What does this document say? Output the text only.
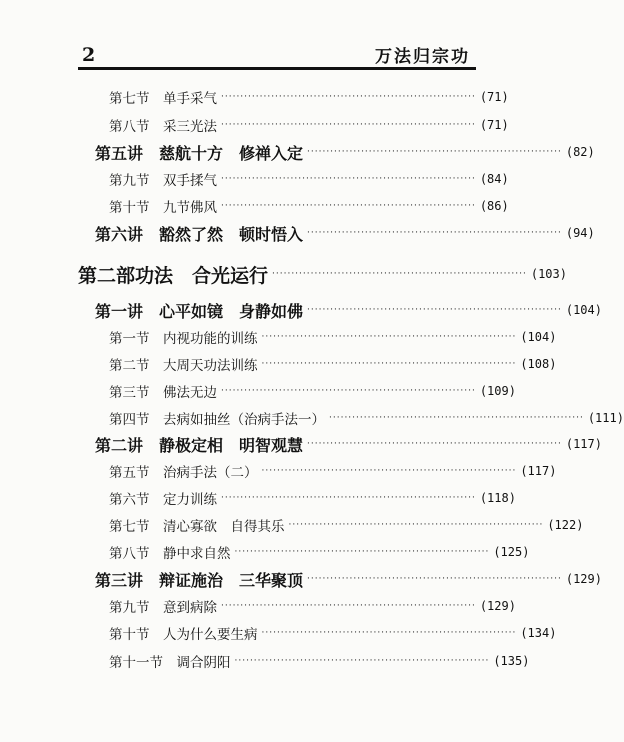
2	万法归宗功
第七节　单手采气 ·································································· (71)
第八节　采三光法 ·································································· (71)
第五讲　慈航十方　修禅入定 ·································································· (82)
第九节　双手揉气 ·································································· (84)
第十节　九节佛风 ·································································· (86)
第六讲　豁然了然　顿时悟入 ·································································· (94)
第二部功法　合光运行 ·································································· (103)
第一讲　心平如镜　身静如佛 ·································································· (104)
第一节　内视功能的训练 ·································································· (104)
第二节　大周天功法训练 ·································································· (108)
第三节　佛法无边 ·································································· (109)
第四节　去病如抽丝（治病手法一） ·································································· (111)
第二讲　静极定相　明智观慧 ·································································· (117)
第五节　治病手法（二） ·································································· (117)
第六节　定力训练 ·································································· (118)
第七节　清心寡欲　自得其乐 ·································································· (122)
第八节　静中求自然 ·································································· (125)
第三讲　辩证施治　三华聚顶 ·································································· (129)
第九节　意到病除 ·································································· (129)
第十节　人为什么要生病 ·································································· (134)
第十一节　调合阴阳 ·································································· (135)
